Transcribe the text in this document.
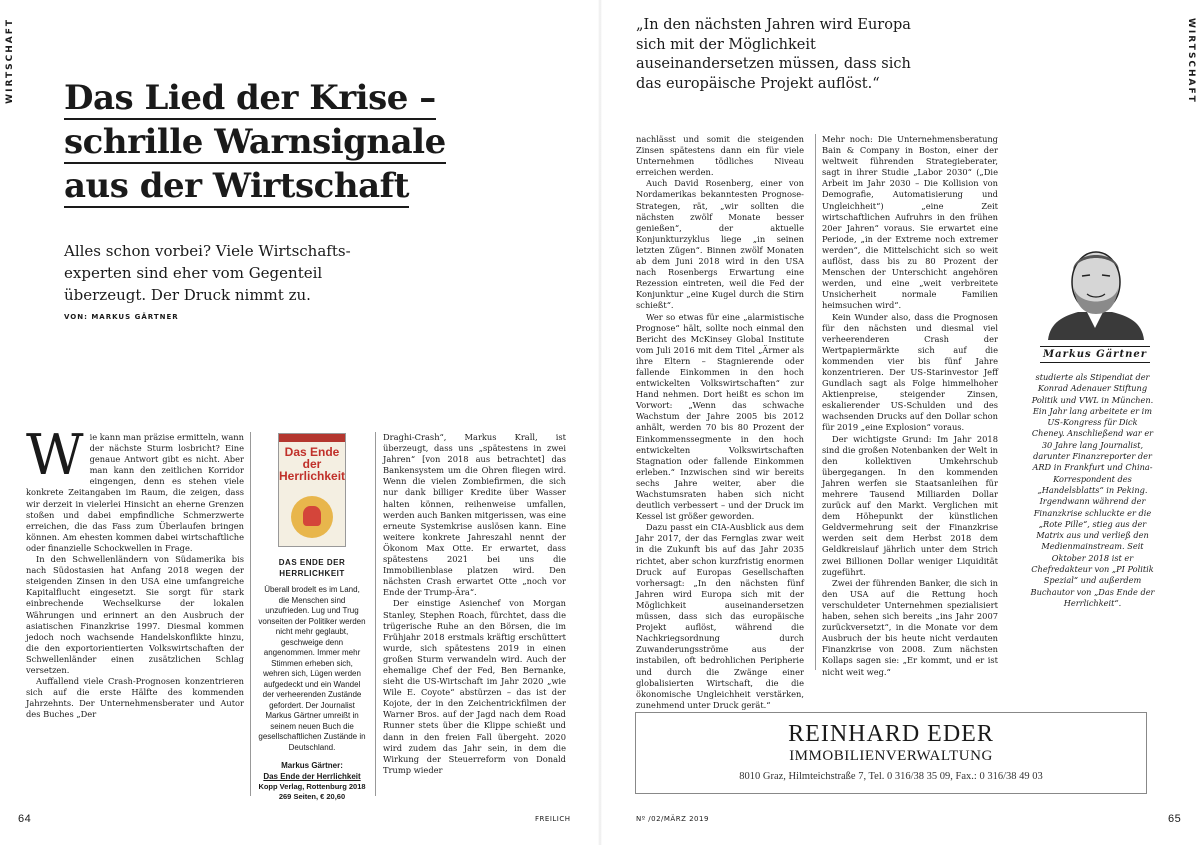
WIRTSCHAFT	WIRTSCHAFT
Das Lied der Krise –
schrille Warnsignale
aus der Wirtschaft
Alles schon vorbei? Viele Wirtschafts- experten sind eher vom Gegenteil überzeugt. Der Druck nimmt zu.
VON: MARKUS GÄRTNER

Wie kann man präzise ermitteln, wann der nächste Sturm losbricht? Eine genaue Antwort gibt es nicht. Aber man kann den zeitlichen Korridor eingengen, denn es stehen viele konkrete Zeitangaben im Raum, die zeigen, dass wir derzeit in vielerlei Hinsicht an eherne Grenzen stoßen und dabei empfindliche Schmerzwerte erreichen, die das Fass zum Überlaufen bringen können. Am ehesten kommen dabei wirtschaftliche oder finanzielle Schockwellen in Frage.

In den Schwellenländern von Südamerika bis nach Südostasien hat Anfang 2018 wegen der steigenden Zinsen in den USA eine umfangreiche Kapitalflucht eingesetzt. Sie sorgt für stark einbrechende Wechselkurse der lokalen Währungen und erinnert an den Ausbruch der asiatischen Finanzkrise 1997. Diesmal kommen jedoch noch wachsende Handelskonflikte hinzu, die den exportorientierten Volkswirtschaften der Schwellenländer einen zusätzlichen Schlag versetzen.

Auffallend viele Crash-Prognosen konzentrieren sich auf die erste Hälfte des kommenden Jahrzehnts. Der Unternehmensberater und Autor des Buches „Der

Das Ende der Herrlichkeit
DAS ENDE DER HERRLICHKEIT
Überall brodelt es im Land, die Menschen sind unzufrieden. Lug und Trug vonseiten der Politiker werden nicht mehr geglaubt, geschweige denn angenommen. Immer mehr Stimmen erheben sich, wehren sich, Lügen werden aufgedeckt und ein Wandel der verheerenden Zustände gefordert. Der Journalist Markus Gärtner umreißt in seinem neuen Buch die gesellschaftlichen Zustände in Deutschland.
Markus Gärtner:
Das Ende der Herrlichkeit
Kopp Verlag, Rottenburg 2018
269 Seiten, € 20,60

Draghi-Crash“, Markus Krall, ist überzeugt, dass uns „spätestens in zwei Jahren“ [von 2018 aus betrachtet] das Bankensystem um die Ohren fliegen wird. Wenn die vielen Zombiefirmen, die sich nur dank billiger Kredite über Wasser halten können, reihenweise umfallen, werden auch Banken mitgerissen, was eine erneute Systemkrise auslösen kann. Eine weitere konkrete Jahreszahl nennt der Ökonom Max Otte. Er erwartet, dass spätestens 2021 bei uns die Immobilienblase platzen wird. Den nächsten Crash erwartet Otte „noch vor Ende der Trump-Ära“.

Der einstige Asienchef von Morgan Stanley, Stephen Roach, fürchtet, dass die trügerische Ruhe an den Börsen, die im Frühjahr 2018 erstmals kräftig erschüttert wurde, sich spätestens 2019 in einen großen Sturm verwandeln wird. Auch der ehemalige Chef der Fed, Ben Bernanke, sieht die US-Wirtschaft im Jahr 2020 „wie Wile E. Coyote“ abstürzen – das ist der Kojote, der in den Zeichentrickfilmen der Warner Bros. auf der Jagd nach dem Road Runner stets über die Klippe schießt und dann in den freien Fall übergeht. 2020 wird zudem das Jahr sein, in dem die Wirkung der Steuerreform von Donald Trump wieder

„In den nächsten Jahren wird Europa sich mit der Möglichkeit auseinandersetzen müssen, dass sich das europäische Projekt auflöst.“

nachlässt und somit die steigenden Zinsen spätestens dann ein für viele Unternehmen tödliches Niveau erreichen werden.

Auch David Rosenberg, einer von Nordamerikas bekanntesten Prognose-Strategen, rät, „wir sollten die nächsten zwölf Monate besser genießen“, der aktuelle Konjunkturzyklus liege „in seinen letzten Zügen“. Binnen zwölf Monaten ab dem Juni 2018 wird in den USA nach Rosenbergs Erwartung eine Rezession eintreten, weil die Fed der Konjunktur „eine Kugel durch die Stirn schießt“.

Wer so etwas für eine „alarmistische Prognose“ hält, sollte noch einmal den Bericht des McKinsey Global Institute vom Juli 2016 mit dem Titel „Ärmer als ihre Eltern – Stagnierende oder fallende Einkommen in den hoch entwickelten Volkswirtschaften“ zur Hand nehmen. Dort heißt es schon im Vorwort: „Wenn das schwache Wachstum der Jahre 2005 bis 2012 anhält, werden 70 bis 80 Prozent der Einkommenssegmente in den hoch entwickelten Volkswirtschaften Stagnation oder fallende Einkommen erleben.“ Inzwischen sind wir bereits sechs Jahre weiter, aber die Wachstumsraten haben sich nicht deutlich verbessert – und der Druck im Kessel ist größer geworden.

Dazu passt ein CIA-Ausblick aus dem Jahr 2017, der das Fernglas zwar weit in die Zukunft bis auf das Jahr 2035 richtet, aber schon kurzfristig enormen Druck auf Europas Gesellschaften vorhersagt: „In den nächsten fünf Jahren wird Europa sich mit der Möglichkeit auseinandersetzen müssen, dass sich das europäische Projekt auflöst, während die Nachkriegsordnung durch Zuwanderungsströme aus der instabilen, oft bedrohlichen Peripherie und durch die Zwänge einer globalisierten Wirtschaft, die die ökonomische Ungleichheit verstärken, zunehmend unter Druck gerät.“

Mehr noch: Die Unternehmensberatung Bain & Company in Boston, einer der weltweit führenden Strategieberater, sagt in ihrer Studie „Labor 2030“ („Die Arbeit im Jahr 2030 – Die Kollision von Demografie, Automatisierung und Ungleichheit“) „eine Zeit wirtschaftlichen Aufruhrs in den frühen 20er Jahren“ voraus. Sie erwartet eine Periode, „in der Extreme noch extremer werden“, die Mittelschicht sich so weit auflöst, dass bis zu 80 Prozent der Menschen der Unterschicht angehören werden, und eine „weit verbreitete Unsicherheit normale Familien heimsuchen wird“.

Kein Wunder also, dass die Prognosen für den nächsten und diesmal viel verheerenderen Crash der Wertpapiermärkte sich auf die kommenden vier bis fünf Jahre konzentrieren. Der US-Starinvestor Jeff Gundlach sagt als Folge himmelhoher Aktienpreise, steigender Zinsen, eskalierender US-Schulden und des wachsenden Drucks auf den Dollar schon für 2019 „eine Explosion“ voraus.

Der wichtigste Grund: Im Jahr 2018 sind die großen Notenbanken der Welt in den kollektiven Umkehrschub übergegangen. In den kommenden Jahren werfen sie Staatsanleihen für mehrere Tausend Milliarden Dollar zurück auf den Markt. Verglichen mit dem Höhepunkt der künstlichen Geldvermehrung seit der Finanzkrise werden seit dem Herbst 2018 dem Geldkreislauf jährlich unter dem Strich zwei Billionen Dollar weniger Liquidität zugeführt.

Zwei der führenden Banker, die sich in den USA auf die Rettung hoch verschuldeter Unternehmen spezialisiert haben, sehen sich bereits „ins Jahr 2007 zurückversetzt“, in die Monate vor dem Ausbruch der bis heute nicht verdauten Finanzkrise von 2008. Zum nächsten Kollaps sagen sie: „Er kommt, und er ist nicht weit weg.“

Markus Gärtner
studierte als Stipendiat der Konrad Adenauer Stiftung Politik und VWL in München. Ein Jahr lang arbeitete er im US-Kongress für Dick Cheney. Anschließend war er 30 Jahre lang Journalist, darunter Finanzreporter der ARD in Frankfurt und China-Korrespondent des „Handelsblatts“ in Peking. Irgendwann während der Finanzkrise schluckte er die „Rote Pille“, stieg aus der Matrix aus und verließ den Medienmainstream. Seit Oktober 2018 ist er Chefredakteur von „PI Politik Spezial“ und außerdem Buchautor von „Das Ende der Herrlichkeit“.
REINHARD EDER
IMMOBILIENVERWALTUNG
8010 Graz, Hilmteichstraße 7, Tel. 0 316/38 35 09, Fax.: 0 316/38 49 03
64	FREILICH	Nº /02/MÄRZ 2019	65
